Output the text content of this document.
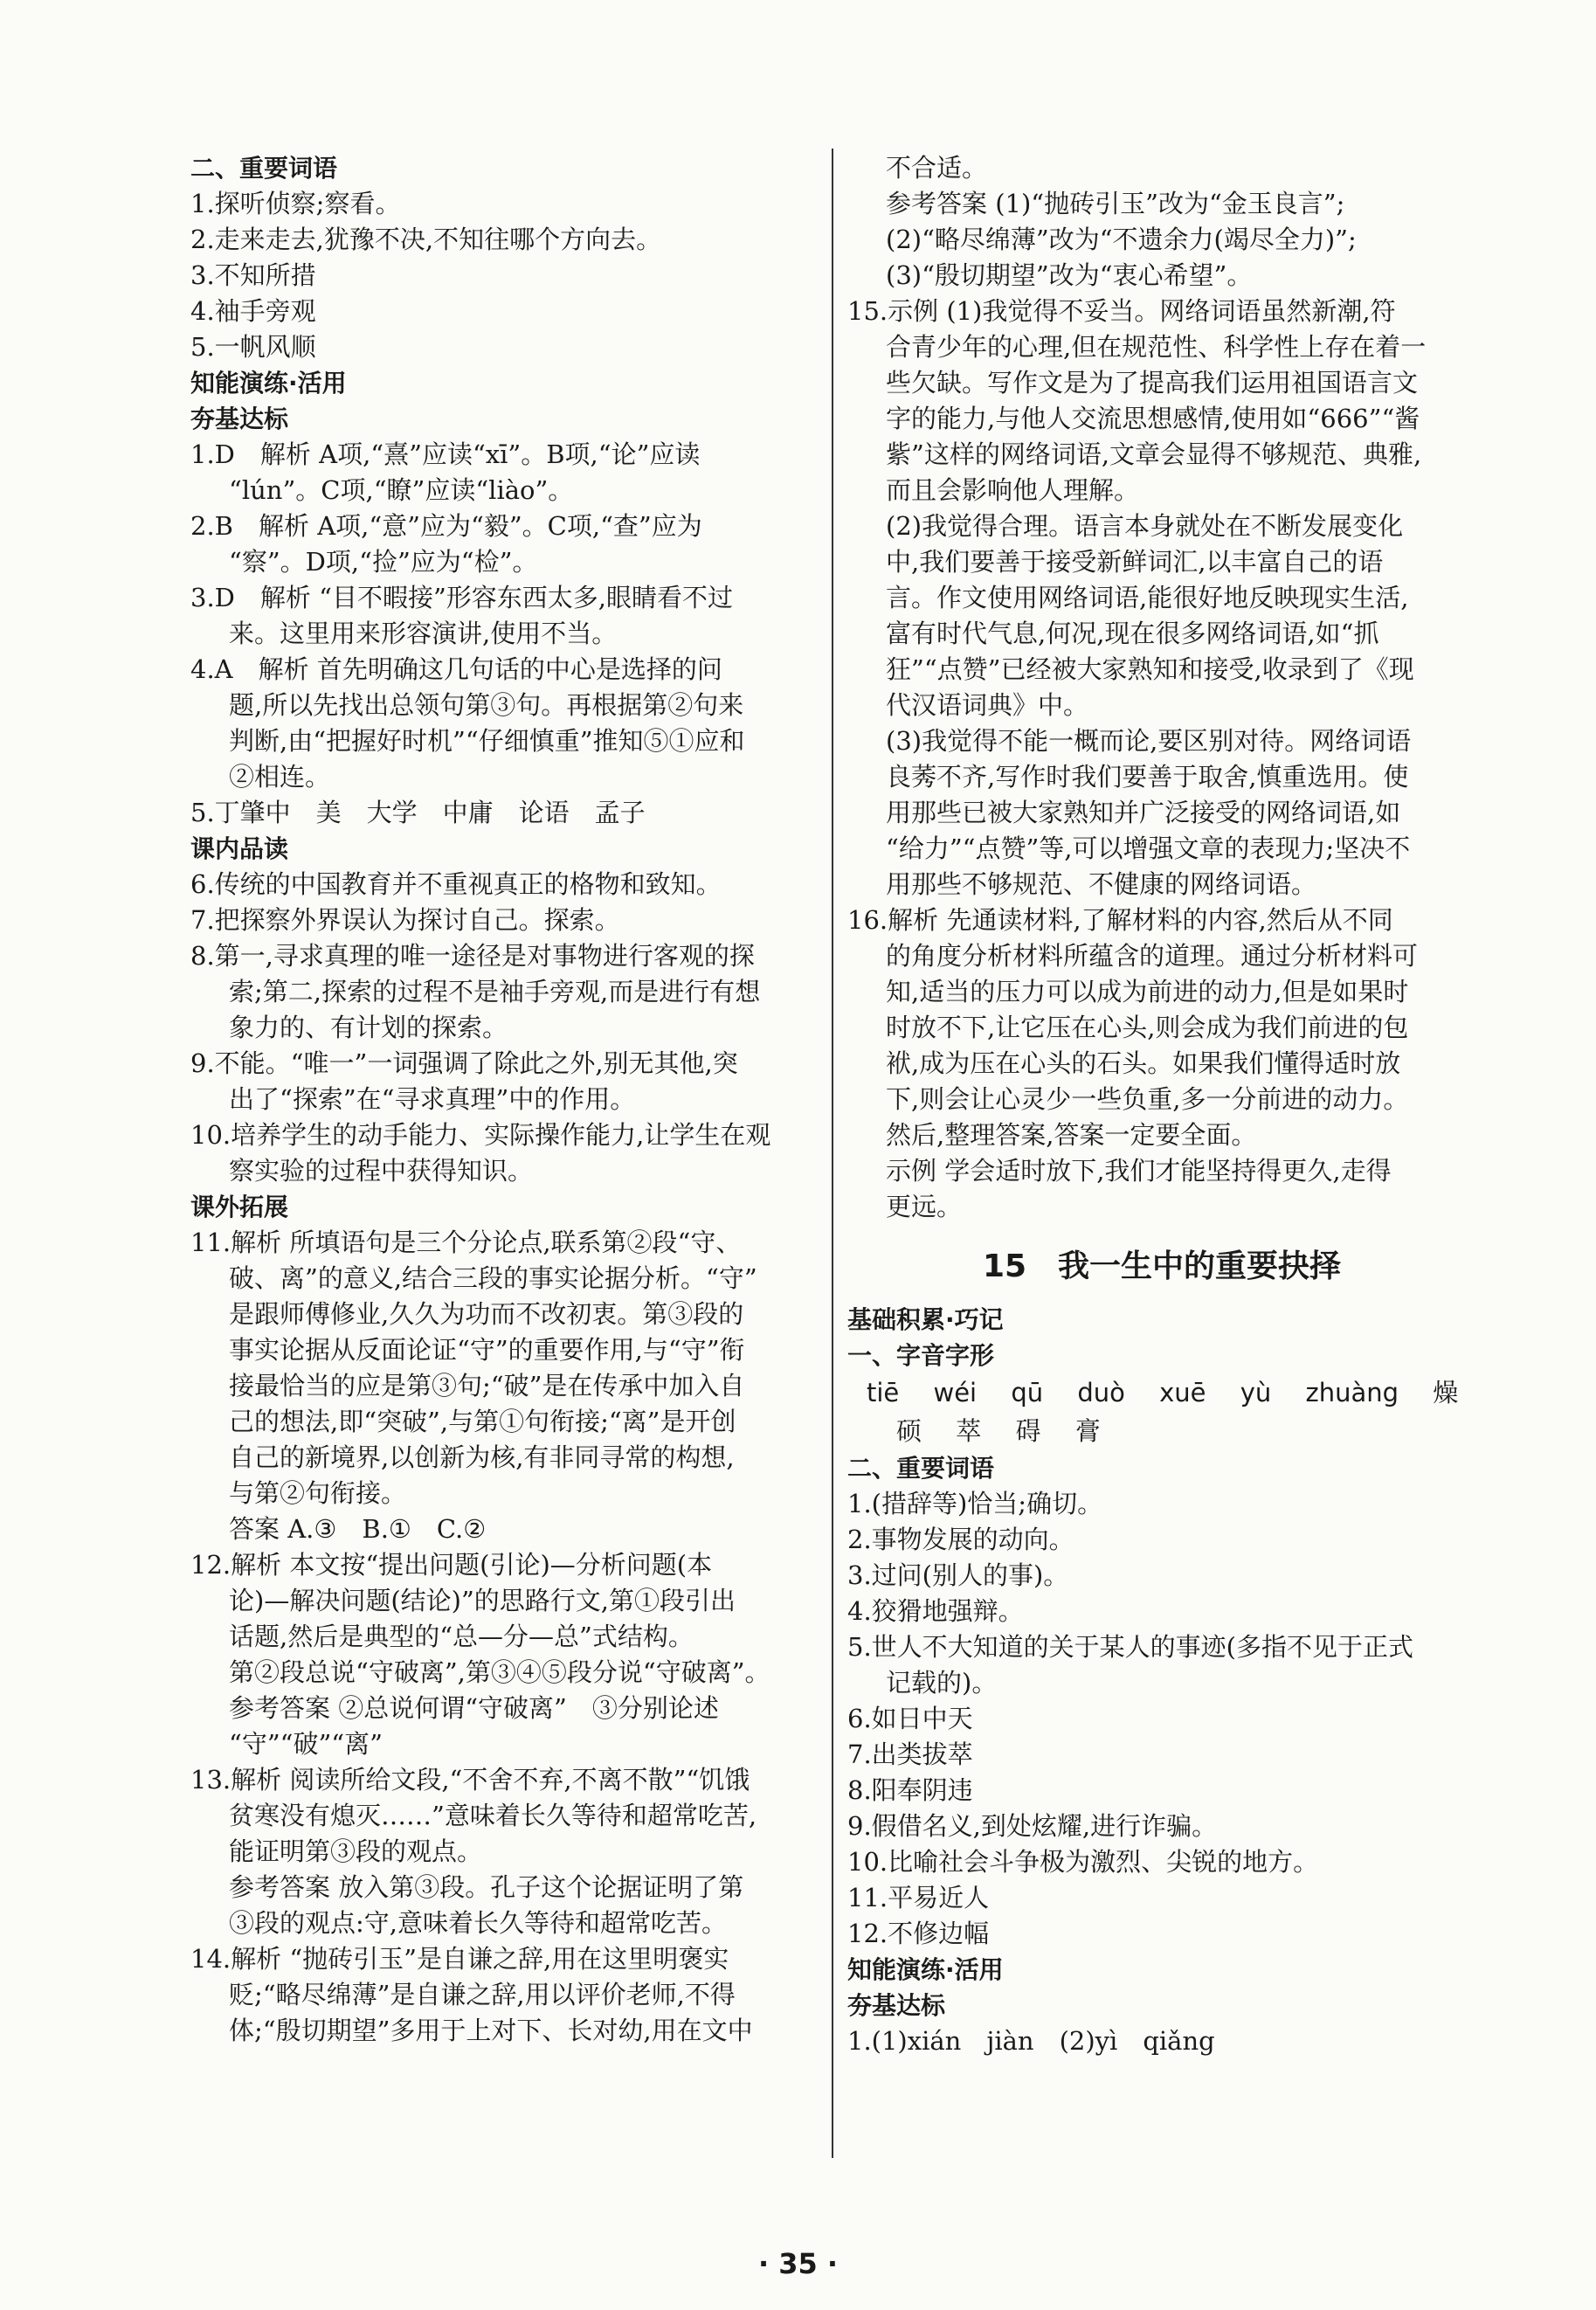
二、重要词语
1.探听侦察;察看。
2.走来走去,犹豫不决,不知往哪个方向去。
3.不知所措
4.袖手旁观
5.一帆风顺
知能演练·活用
夯基达标
1.D　解析 A项,“熹”应读“xī”。B项,“论”应读
“lún”。C项,“瞭”应读“liào”。
2.B　解析 A项,“意”应为“毅”。C项,“查”应为
“察”。D项,“捡”应为“检”。
3.D　解析 “目不暇接”形容东西太多,眼睛看不过
来。这里用来形容演讲,使用不当。
4.A　解析 首先明确这几句话的中心是选择的问
题,所以先找出总领句第③句。再根据第②句来
判断,由“把握好时机”“仔细慎重”推知⑤①应和
②相连。
5.丁肇中　美　大学　中庸　论语　孟子
课内品读
6.传统的中国教育并不重视真正的格物和致知。
7.把探察外界误认为探讨自己。探索。
8.第一,寻求真理的唯一途径是对事物进行客观的探
索;第二,探索的过程不是袖手旁观,而是进行有想
象力的、有计划的探索。
9.不能。“唯一”一词强调了除此之外,别无其他,突
出了“探索”在“寻求真理”中的作用。
10.培养学生的动手能力、实际操作能力,让学生在观
察实验的过程中获得知识。
课外拓展
11.解析 所填语句是三个分论点,联系第②段“守、
破、离”的意义,结合三段的事实论据分析。“守”
是跟师傅修业,久久为功而不改初衷。第③段的
事实论据从反面论证“守”的重要作用,与“守”衔
接最恰当的应是第③句;“破”是在传承中加入自
己的想法,即“突破”,与第①句衔接;“离”是开创
自己的新境界,以创新为核,有非同寻常的构想,
与第②句衔接。
答案 A.③　B.①　C.②
12.解析 本文按“提出问题(引论)—分析问题(本
论)—解决问题(结论)”的思路行文,第①段引出
话题,然后是典型的“总—分—总”式结构。
第②段总说“守破离”,第③④⑤段分说“守破离”。
参考答案 ②总说何谓“守破离”　③分别论述
“守”“破”“离”
13.解析 阅读所给文段,“不舍不弃,不离不散”“饥饿
贫寒没有熄灭……”意味着长久等待和超常吃苦,
能证明第③段的观点。
参考答案 放入第③段。孔子这个论据证明了第
③段的观点:守,意味着长久等待和超常吃苦。
14.解析 “抛砖引玉”是自谦之辞,用在这里明褒实
贬;“略尽绵薄”是自谦之辞,用以评价老师,不得
体;“殷切期望”多用于上对下、长对幼,用在文中
不合适。
参考答案 (1)“抛砖引玉”改为“金玉良言”;
(2)“略尽绵薄”改为“不遗余力(竭尽全力)”;
(3)“殷切期望”改为“衷心希望”。
15.示例 (1)我觉得不妥当。网络词语虽然新潮,符
合青少年的心理,但在规范性、科学性上存在着一
些欠缺。写作文是为了提高我们运用祖国语言文
字的能力,与他人交流思想感情,使用如“666”“酱
紫”这样的网络词语,文章会显得不够规范、典雅,
而且会影响他人理解。
(2)我觉得合理。语言本身就处在不断发展变化
中,我们要善于接受新鲜词汇,以丰富自己的语
言。作文使用网络词语,能很好地反映现实生活,
富有时代气息,何况,现在很多网络词语,如“抓
狂”“点赞”已经被大家熟知和接受,收录到了《现
代汉语词典》中。
(3)我觉得不能一概而论,要区别对待。网络词语
良莠不齐,写作时我们要善于取舍,慎重选用。使
用那些已被大家熟知并广泛接受的网络词语,如
“给力”“点赞”等,可以增强文章的表现力;坚决不
用那些不够规范、不健康的网络词语。
16.解析 先通读材料,了解材料的内容,然后从不同
的角度分析材料所蕴含的道理。通过分析材料可
知,适当的压力可以成为前进的动力,但是如果时
时放不下,让它压在心头,则会成为我们前进的包
袱,成为压在心头的石头。如果我们懂得适时放
下,则会让心灵少一些负重,多一分前进的动力。
然后,整理答案,答案一定要全面。
示例 学会适时放下,我们才能坚持得更久,走得
更远。
15　我一生中的重要抉择
基础积累·巧记
一、字音字形
tiē wéi qū duò xuē yù zhuàng 燥
硕 萃 碍 膏
二、重要词语
1.(措辞等)恰当;确切。
2.事物发展的动向。
3.过问(别人的事)。
4.狡猾地强辩。
5.世人不大知道的关于某人的事迹(多指不见于正式
记载的)。
6.如日中天
7.出类拔萃
8.阳奉阴违
9.假借名义,到处炫耀,进行诈骗。
10.比喻社会斗争极为激烈、尖锐的地方。
11.平易近人
12.不修边幅
知能演练·活用
夯基达标
1.(1)xián　jiàn　(2)yì　qiǎng
· 35 ·
